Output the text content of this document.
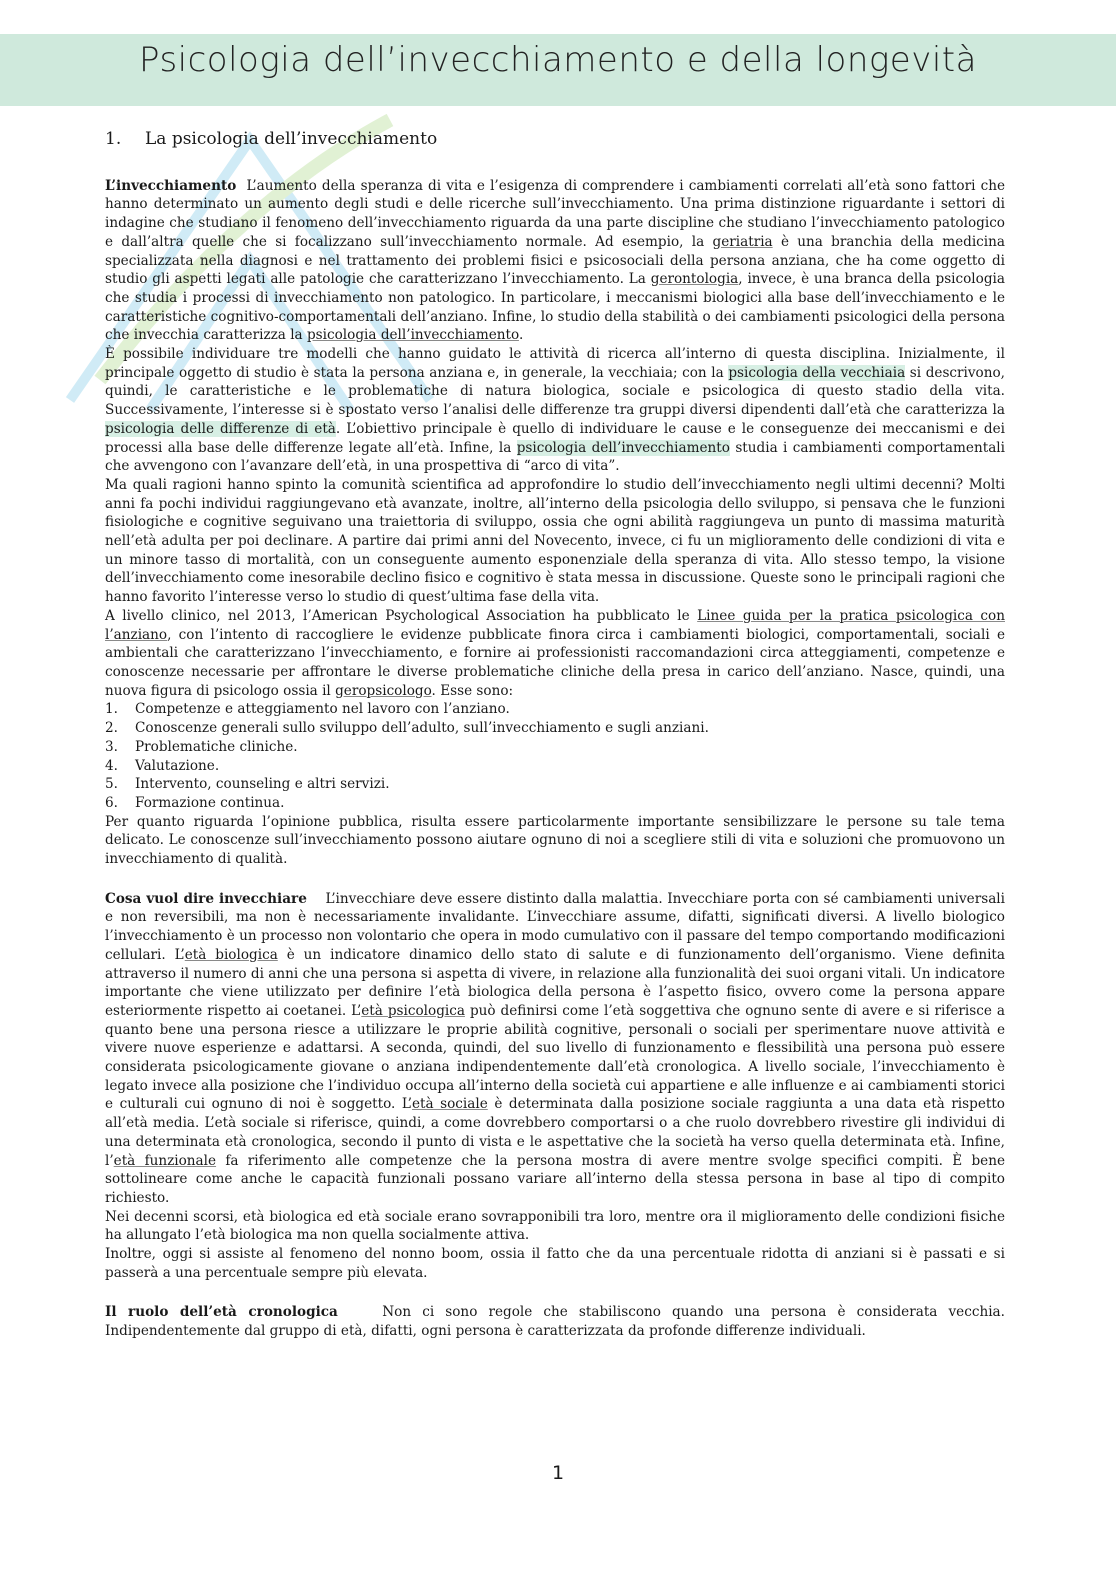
Psicologia dell’invecchiamento e della longevità
1. La psicologia dell’invecchiamento

L’invecchiamento L’aumento della speranza di vita e l’esigenza di comprendere i cambiamenti correlati all’età sono fattori che hanno determinato un aumento degli studi e delle ricerche sull’invecchiamento. Una prima distinzione riguardante i settori di indagine che studiano il fenomeno dell’invecchiamento riguarda da una parte discipline che studiano l’invecchiamento patologico e dall’altra quelle che si focalizzano sull’invecchiamento normale. Ad esempio, la geriatria è una branchia della medicina specializzata nella diagnosi e nel trattamento dei problemi fisici e psicosociali della persona anziana, che ha come oggetto di studio gli aspetti legati alle patologie che caratterizzano l’invecchiamento. La gerontologia, invece, è una branca della psicologia che studia i processi di invecchiamento non patologico. In particolare, i meccanismi biologici alla base dell’invecchiamento e le caratteristiche cognitivo-comportamentali dell’anziano. Infine, lo studio della stabilità o dei cambiamenti psicologici della persona che invecchia caratterizza la psicologia dell’invecchiamento.

È possibile individuare tre modelli che hanno guidato le attività di ricerca all’interno di questa disciplina. Inizialmente, il principale oggetto di studio è stata la persona anziana e, in generale, la vecchiaia; con la psicologia della vecchiaia si descrivono, quindi, le caratteristiche e le problematiche di natura biologica, sociale e psicologica di questo stadio della vita. Successivamente, l’interesse si è spostato verso l’analisi delle differenze tra gruppi diversi dipendenti dall’età che caratterizza la psicologia delle differenze di età. L’obiettivo principale è quello di individuare le cause e le conseguenze dei meccanismi e dei processi alla base delle differenze legate all’età. Infine, la psicologia dell’invecchiamento studia i cambiamenti comportamentali che avvengono con l’avanzare dell’età, in una prospettiva di “arco di vita”.

Ma quali ragioni hanno spinto la comunità scientifica ad approfondire lo studio dell’invecchiamento negli ultimi decenni? Molti anni fa pochi individui raggiungevano età avanzate, inoltre, all’interno della psicologia dello sviluppo, si pensava che le funzioni fisiologiche e cognitive seguivano una traiettoria di sviluppo, ossia che ogni abilità raggiungeva un punto di massima maturità nell’età adulta per poi declinare. A partire dai primi anni del Novecento, invece, ci fu un miglioramento delle condizioni di vita e un minore tasso di mortalità, con un conseguente aumento esponenziale della speranza di vita. Allo stesso tempo, la visione dell’invecchiamento come inesorabile declino fisico e cognitivo è stata messa in discussione. Queste sono le principali ragioni che hanno favorito l’interesse verso lo studio di quest’ultima fase della vita.

A livello clinico, nel 2013, l’American Psychological Association ha pubblicato le Linee guida per la pratica psicologica con l’anziano, con l’intento di raccogliere le evidenze pubblicate finora circa i cambiamenti biologici, comportamentali, sociali e ambientali che caratterizzano l’invecchiamento, e fornire ai professionisti raccomandazioni circa atteggiamenti, competenze e conoscenze necessarie per affrontare le diverse problematiche cliniche della presa in carico dell’anziano. Nasce, quindi, una nuova figura di psicologo ossia il geropsicologo. Esse sono:

1. Competenze e atteggiamento nel lavoro con l’anziano.
2. Conoscenze generali sullo sviluppo dell’adulto, sull’invecchiamento e sugli anziani.
3. Problematiche cliniche.
4. Valutazione.
5. Intervento, counseling e altri servizi.
6. Formazione continua.

Per quanto riguarda l’opinione pubblica, risulta essere particolarmente importante sensibilizzare le persone su tale tema delicato. Le conoscenze sull’invecchiamento possono aiutare ognuno di noi a scegliere stili di vita e soluzioni che promuovono un invecchiamento di qualità.

Cosa vuol dire invecchiare L’invecchiare deve essere distinto dalla malattia. Invecchiare porta con sé cambiamenti universali e non reversibili, ma non è necessariamente invalidante. L’invecchiare assume, difatti, significati diversi. A livello biologico l’invecchiamento è un processo non volontario che opera in modo cumulativo con il passare del tempo comportando modificazioni cellulari. L’età biologica è un indicatore dinamico dello stato di salute e di funzionamento dell’organismo. Viene definita attraverso il numero di anni che una persona si aspetta di vivere, in relazione alla funzionalità dei suoi organi vitali. Un indicatore importante che viene utilizzato per definire l’età biologica della persona è l’aspetto fisico, ovvero come la persona appare esteriormente rispetto ai coetanei. L’età psicologica può definirsi come l’età soggettiva che ognuno sente di avere e si riferisce a quanto bene una persona riesce a utilizzare le proprie abilità cognitive, personali o sociali per sperimentare nuove attività e vivere nuove esperienze e adattarsi. A seconda, quindi, del suo livello di funzionamento e flessibilità una persona può essere considerata psicologicamente giovane o anziana indipendentemente dall’età cronologica. A livello sociale, l’invecchiamento è legato invece alla posizione che l’individuo occupa all’interno della società cui appartiene e alle influenze e ai cambiamenti storici e culturali cui ognuno di noi è soggetto. L’età sociale è determinata dalla posizione sociale raggiunta a una data età rispetto all’età media. L’età sociale si riferisce, quindi, a come dovrebbero comportarsi o a che ruolo dovrebbero rivestire gli individui di una determinata età cronologica, secondo il punto di vista e le aspettative che la società ha verso quella determinata età. Infine, l’età funzionale fa riferimento alle competenze che la persona mostra di avere mentre svolge specifici compiti. È bene sottolineare come anche le capacità funzionali possano variare all’interno della stessa persona in base al tipo di compito richiesto.

Nei decenni scorsi, età biologica ed età sociale erano sovrapponibili tra loro, mentre ora il miglioramento delle condizioni fisiche ha allungato l’età biologica ma non quella socialmente attiva.

Inoltre, oggi si assiste al fenomeno del nonno boom, ossia il fatto che da una percentuale ridotta di anziani si è passati e si passerà a una percentuale sempre più elevata.

Il ruolo dell’età cronologica	Non ci sono regole che stabiliscono quando una persona è considerata vecchia. Indipendentemente dal gruppo di età, difatti, ogni persona è caratterizzata da profonde differenze individuali.

1
